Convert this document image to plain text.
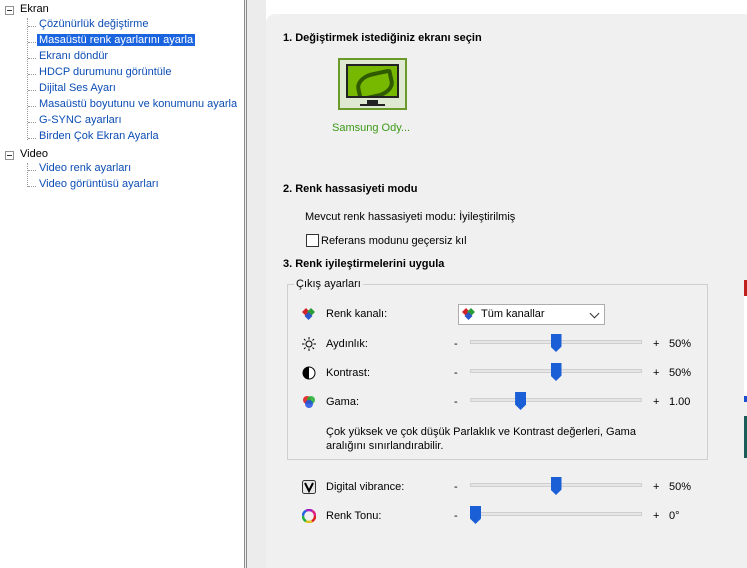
Ekran
Çözünürlük değiştirme
Masaüstü renk ayarlarını ayarla
Ekranı döndür
HDCP durumunu görüntüle
Dijital Ses Ayarı
Masaüstü boyutunu ve konumunu ayarla
G-SYNC ayarları
Birden Çok Ekran Ayarla
Video
Video renk ayarları
Video görüntüsü ayarları
1. Değiştirmek istediğiniz ekranı seçin
Samsung Ody...
2. Renk hassasiyeti modu
Mevcut renk hassasiyeti modu: İyileştirilmiş
Referans modunu geçersiz kıl
3. Renk iyileştirmelerini uygula
Çıkış ayarları
Renk kanalı:	Tüm kanallar
Aydınlık:	-	+ 50%
Kontrast:	-	+ 50%
Gama:	-	+ 1.00
Çok yüksek ve çok düşük Parlaklık ve Kontrast değerleri, Gama
aralığını sınırlandırabilir.
Digital vibrance:	-	+ 50%
Renk Tonu:	-	+ 0°
